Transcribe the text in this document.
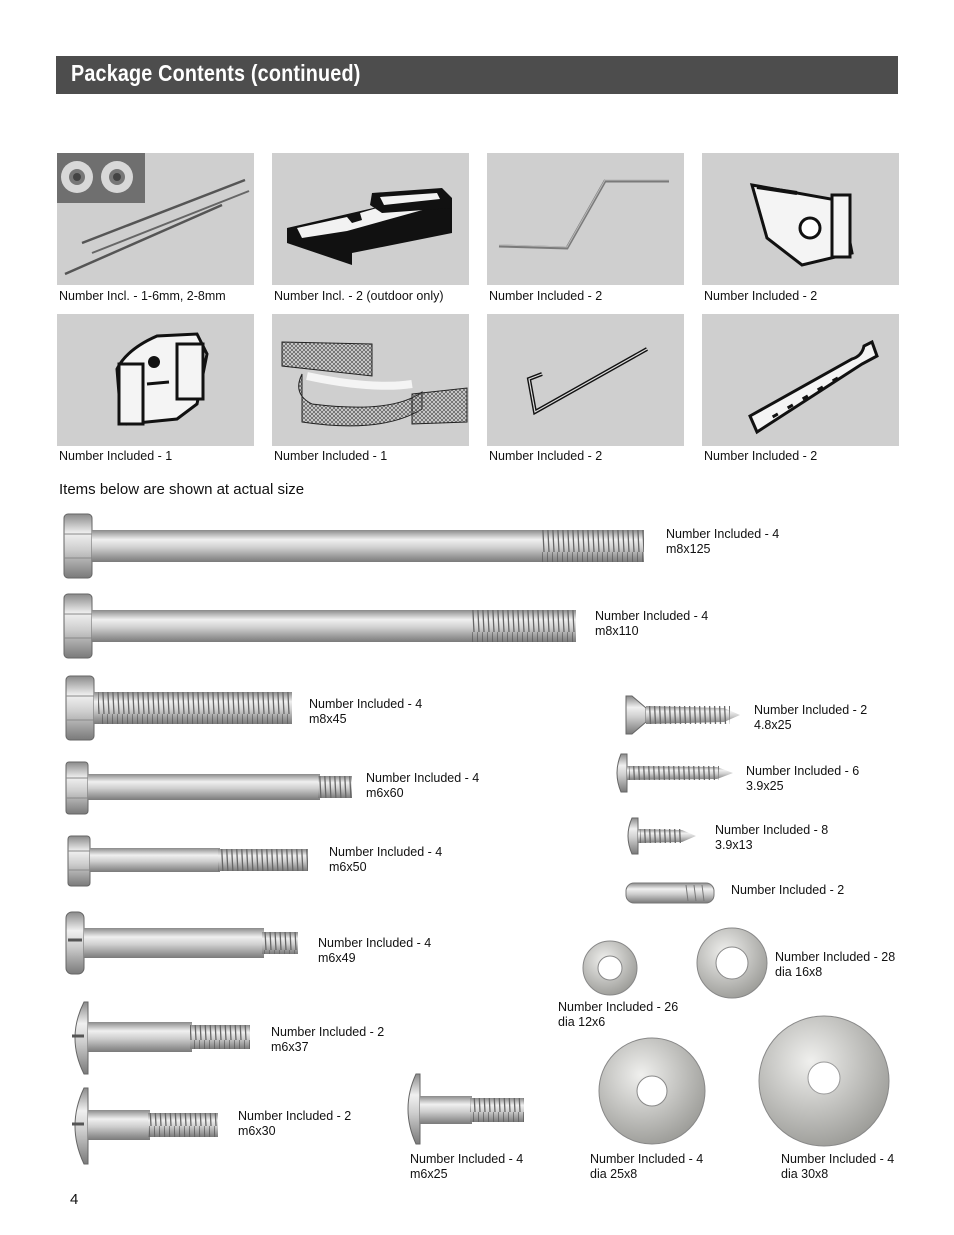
Package Contents (continued)
Number Incl. - 1-6mm, 2-8mm	Number Incl. - 2 (outdoor only)	Number Included - 2	Number Included - 2
Number Included - 1	Number Included - 1	Number Included - 2	Number Included - 2
Items below are shown at actual size
Number Included - 4
m8x125
Number Included - 4
m8x110
Number Included - 4
m8x45
Number Included - 4
m6x60
Number Included - 4
m6x50
Number Included - 4
m6x49
Number Included - 2
m6x37
Number Included - 2
m6x30
Number Included - 4
m6x25
Number Included - 2
4.8x25
Number Included - 6
3.9x25
Number Included - 8
3.9x13
Number Included - 2
Number Included - 26
dia 12x6
Number Included - 28
dia 16x8
Number Included - 4
dia 25x8
Number Included - 4
dia 30x8
4
